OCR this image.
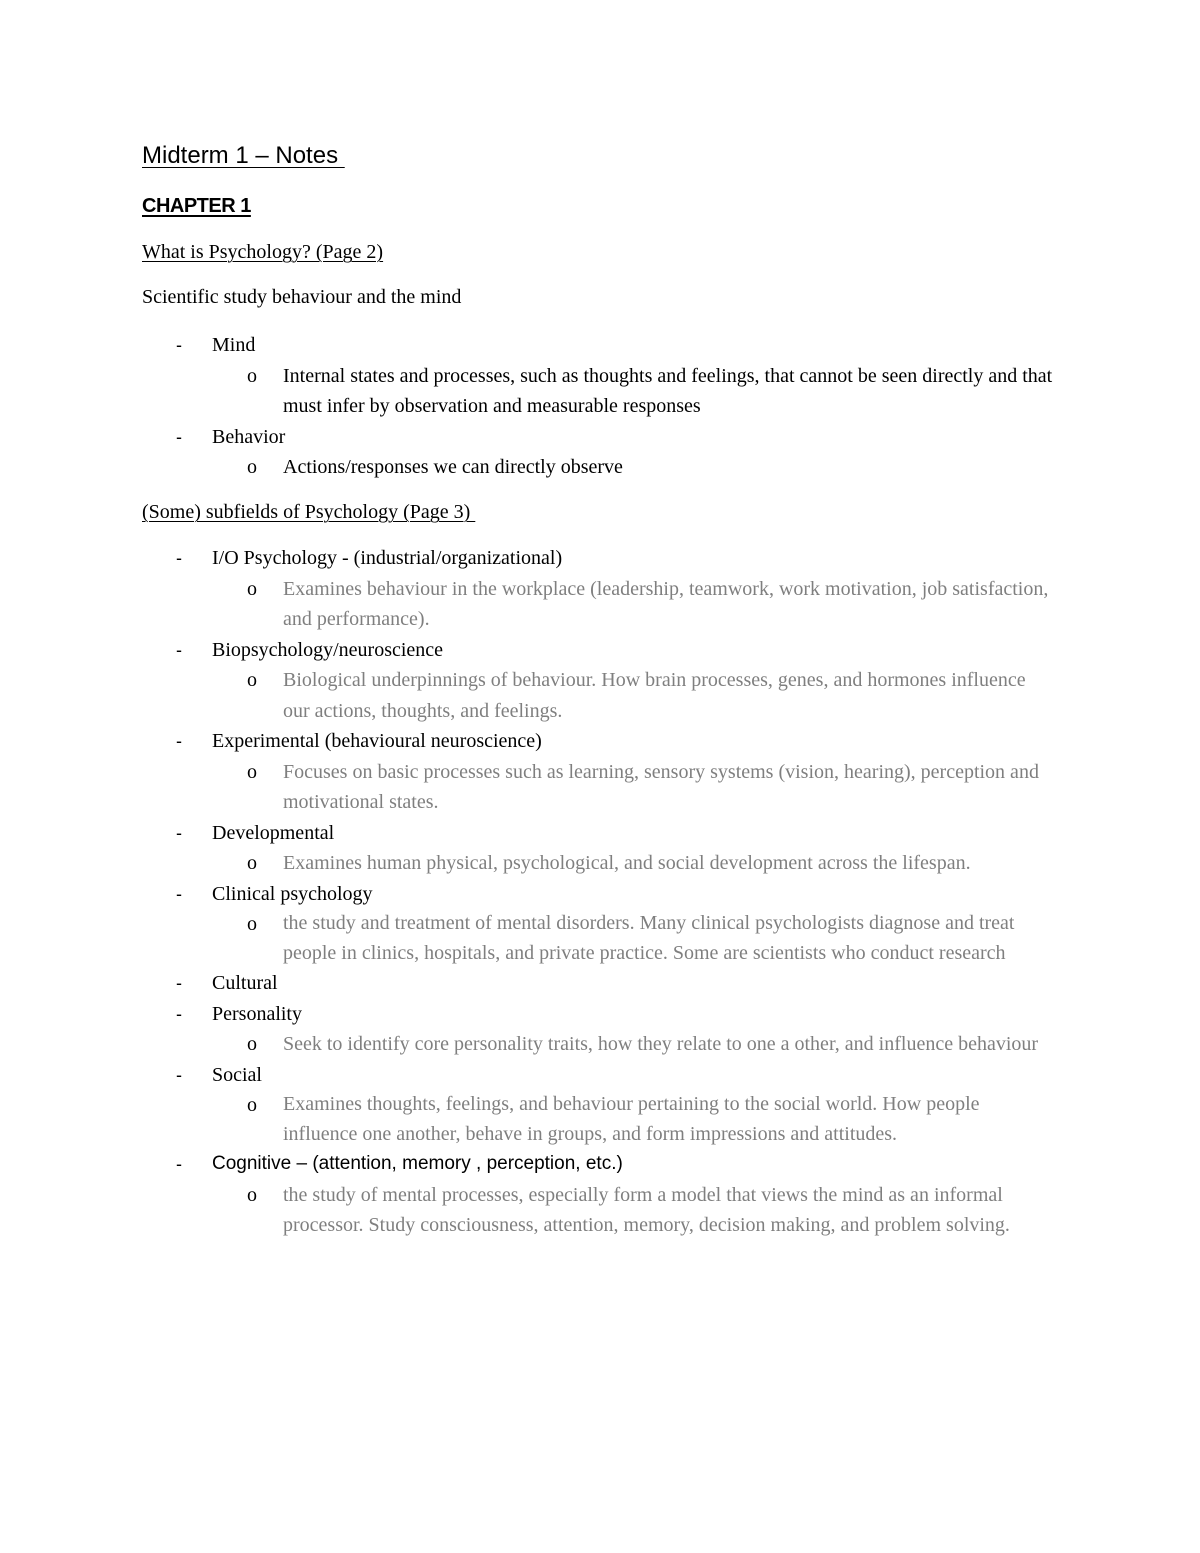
Midterm 1 – Notes
CHAPTER 1
What is Psychology? (Page 2)
Scientific study behaviour and the mind
- Mind
o Internal states and processes, such as thoughts and feelings, that cannot be seen directly and that must infer by observation and measurable responses
- Behavior
o Actions/responses we can directly observe
(Some) subfields of Psychology (Page 3)
- I/O Psychology - (industrial/organizational)
o Examines behaviour in the workplace (leadership, teamwork, work motivation, job satisfaction, and performance).
- Biopsychology/neuroscience
o Biological underpinnings of behaviour. How brain processes, genes, and hormones influence our actions, thoughts, and feelings.
- Experimental (behavioural neuroscience)
o Focuses on basic processes such as learning, sensory systems (vision, hearing), perception and motivational states.
- Developmental
o Examines human physical, psychological, and social development across the lifespan.
- Clinical psychology
o the study and treatment of mental disorders. Many clinical psychologists diagnose and treat people in clinics, hospitals, and private practice. Some are scientists who conduct research
- Cultural
- Personality
o Seek to identify core personality traits, how they relate to one a other, and influence behaviour
- Social
o Examines thoughts, feelings, and behaviour pertaining to the social world. How people influence one another, behave in groups, and form impressions and attitudes.
- Cognitive – (attention, memory , perception, etc.)
o the study of mental processes, especially form a model that views the mind as an informal processor. Study consciousness, attention, memory, decision making, and problem solving.
